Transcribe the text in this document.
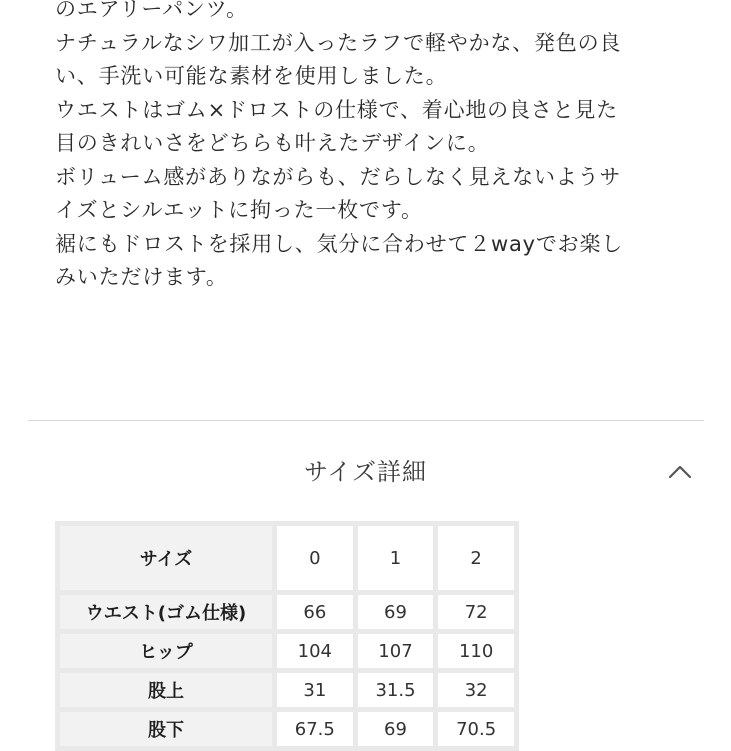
のエアリーパンツ。
ナチュラルなシワ加工が入ったラフで軽やかな、発色の良
い、手洗い可能な素材を使用しました。
ウエストはゴム×ドロストの仕様で、着心地の良さと見た
目のきれいさをどちらも叶えたデザインに。
ボリューム感がありながらも、だらしなく見えないようサ
イズとシルエットに拘った一枚です。
裾にもドロストを採用し、気分に合わせて２wayでお楽し
みいただけます。
サイズ詳細
サイズ	0	1	2
ウエスト(ゴム仕様)	66	69	72
ヒップ	104	107	110
股上	31	31.5	32
股下	67.5	69	70.5
